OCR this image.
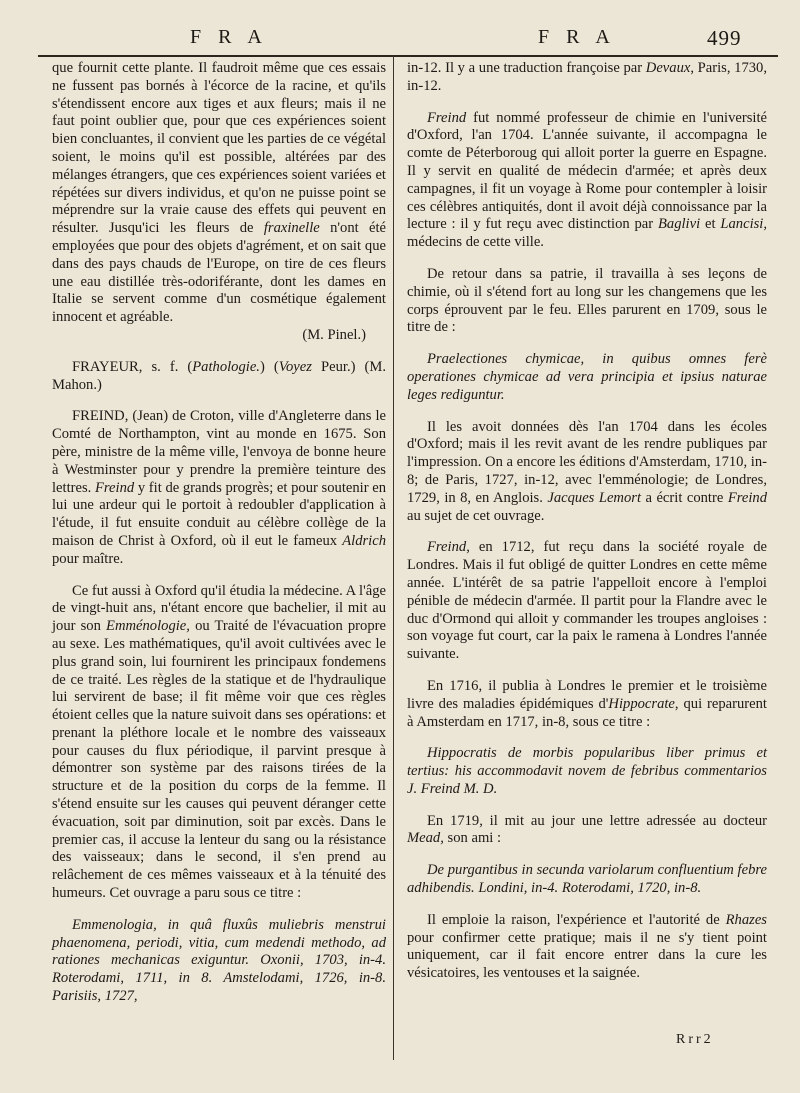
F R A	F R A	499

que fournit cette plante. Il faudroit même que ces essais ne fussent pas bornés à l'écorce de la racine, et qu'ils s'étendissent encore aux tiges et aux fleurs; mais il ne faut point oublier que, pour que ces expériences soient bien concluantes, il convient que les parties de ce végétal soient, le moins qu'il est possible, altérées par des mélanges étrangers, que ces expériences soient variées et répétées sur divers individus, et qu'on ne puisse point se méprendre sur la vraie cause des effets qui peuvent en résulter. Jusqu'ici les fleurs de fraxinelle n'ont été employées que pour des objets d'agrément, et on sait que dans des pays chauds de l'Europe, on tire de ces fleurs une eau distillée très-odoriférante, dont les dames en Italie se servent comme d'un cosmétique également innocent et agréable.

(M. Pinel.)

FRAYEUR, s. f. (Pathologie.) (Voyez Peur.) (M. Mahon.)

FREIND, (Jean) de Croton, ville d'Angleterre dans le Comté de Northampton, vint au monde en 1675. Son père, ministre de la même ville, l'envoya de bonne heure à Westminster pour y prendre la première teinture des lettres. Freind y fit de grands progrès; et pour soutenir en lui une ardeur qui le portoit à redoubler d'application à l'étude, il fut ensuite conduit au célèbre collège de la maison de Christ à Oxford, où il eut le fameux Aldrich pour maître.

Ce fut aussi à Oxford qu'il étudia la médecine. A l'âge de vingt-huit ans, n'étant encore que bachelier, il mit au jour son Emménologie, ou Traité de l'évacuation propre au sexe. Les mathématiques, qu'il avoit cultivées avec le plus grand soin, lui fournirent les principaux fondemens de ce traité. Les règles de la statique et de l'hydraulique lui servirent de base; il fit même voir que ces règles étoient celles que la nature suivoit dans ses opérations: et prenant la pléthore locale et le nombre des vaisseaux pour causes du flux périodique, il parvint presque à démontrer son système par des raisons tirées de la structure et de la position du corps de la femme. Il s'étend ensuite sur les causes qui peuvent déranger cette évacuation, soit par diminution, soit par excès. Dans le premier cas, il accuse la lenteur du sang ou la résistance des vaisseaux; dans le second, il s'en prend au relâchement de ces mêmes vaisseaux et à la ténuité des humeurs. Cet ouvrage a paru sous ce titre :

Emmenologia, in quâ fluxûs muliebris menstrui phaenomena, periodi, vitia, cum medendi methodo, ad rationes mechanicas exiguntur. Oxonii, 1703, in-4. Roterodami, 1711, in 8. Amstelodami, 1726, in-8. Parisiis, 1727,

in-12. Il y a une traduction françoise par Devaux, Paris, 1730, in-12.

Freind fut nommé professeur de chimie en l'université d'Oxford, l'an 1704. L'année suivante, il accompagna le comte de Péterboroug qui alloit porter la guerre en Espagne. Il y servit en qualité de médecin d'armée; et après deux campagnes, il fit un voyage à Rome pour contempler à loisir ces célèbres antiquités, dont il avoit déjà connoissance par la lecture : il y fut reçu avec distinction par Baglivi et Lancisi, médecins de cette ville.

De retour dans sa patrie, il travailla à ses leçons de chimie, où il s'étend fort au long sur les changemens que les corps éprouvent par le feu. Elles parurent en 1709, sous le titre de :

Praelectiones chymicae, in quibus omnes ferè operationes chymicae ad vera principia et ipsius naturae leges rediguntur.

Il les avoit données dès l'an 1704 dans les écoles d'Oxford; mais il les revit avant de les rendre publiques par l'impression. On a encore les éditions d'Amsterdam, 1710, in-8; de Paris, 1727, in-12, avec l'emménologie; de Londres, 1729, in 8, en Anglois. Jacques Lemort a écrit contre Freind au sujet de cet ouvrage.

Freind, en 1712, fut reçu dans la société royale de Londres. Mais il fut obligé de quitter Londres en cette même année. L'intérêt de sa patrie l'appelloit encore à l'emploi pénible de médecin d'armée. Il partit pour la Flandre avec le duc d'Ormond qui alloit y commander les troupes angloises : son voyage fut court, car la paix le ramena à Londres l'année suivante.

En 1716, il publia à Londres le premier et le troisième livre des maladies épidémiques d'Hippocrate, qui reparurent à Amsterdam en 1717, in-8, sous ce titre :

Hippocratis de morbis popularibus liber primus et tertius: his accommodavit novem de febribus commentarios J. Freind M. D.

En 1719, il mit au jour une lettre adressée au docteur Mead, son ami :

De purgantibus in secunda variolarum confluentium febre adhibendis. Londini, in-4. Roterodami, 1720, in-8.

Il emploie la raison, l'expérience et l'autorité de Rhazes pour confirmer cette pratique; mais il ne s'y tient point uniquement, car il fait encore entrer dans la cure les vésicatoires, les ventouses et la saignée.

Rrr2
